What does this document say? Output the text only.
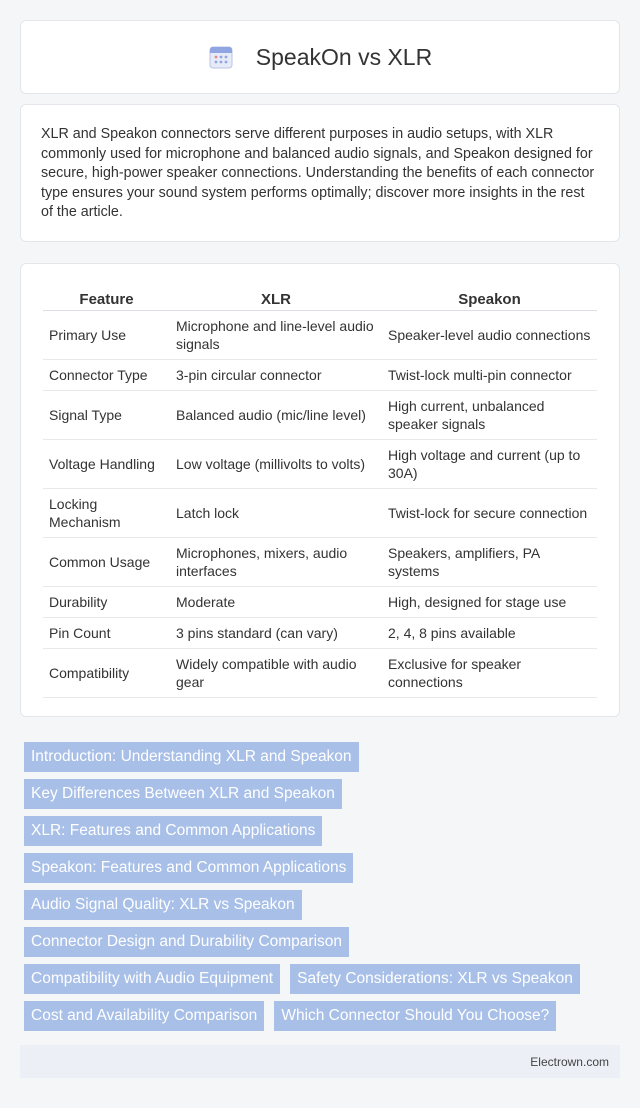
SpeakOn vs XLR

XLR and Speakon connectors serve different purposes in audio setups, with XLR commonly used for microphone and balanced audio signals, and Speakon designed for secure, high-power speaker connections. Understanding the benefits of each connector type ensures your sound system performs optimally; discover more insights in the rest of the article.

Feature	XLR	Speakon
Primary Use	Microphone and line-level audio signals	Speaker-level audio connections
Connector Type	3-pin circular connector	Twist-lock multi-pin connector
Signal Type	Balanced audio (mic/line level)	High current, unbalanced speaker signals
Voltage Handling	Low voltage (millivolts to volts)	High voltage and current (up to 30A)
Locking Mechanism	Latch lock	Twist-lock for secure connection
Common Usage	Microphones, mixers, audio interfaces	Speakers, amplifiers, PA systems
Durability	Moderate	High, designed for stage use
Pin Count	3 pins standard (can vary)	2, 4, 8 pins available
Compatibility	Widely compatible with audio gear	Exclusive for speaker connections
Introduction: Understanding XLR and Speakon
Key Differences Between XLR and Speakon
XLR: Features and Common Applications
Speakon: Features and Common Applications
Audio Signal Quality: XLR vs Speakon
Connector Design and Durability Comparison
Compatibility with Audio Equipment	Safety Considerations: XLR vs Speakon
Cost and Availability Comparison	Which Connector Should You Choose?
Electrown.com
